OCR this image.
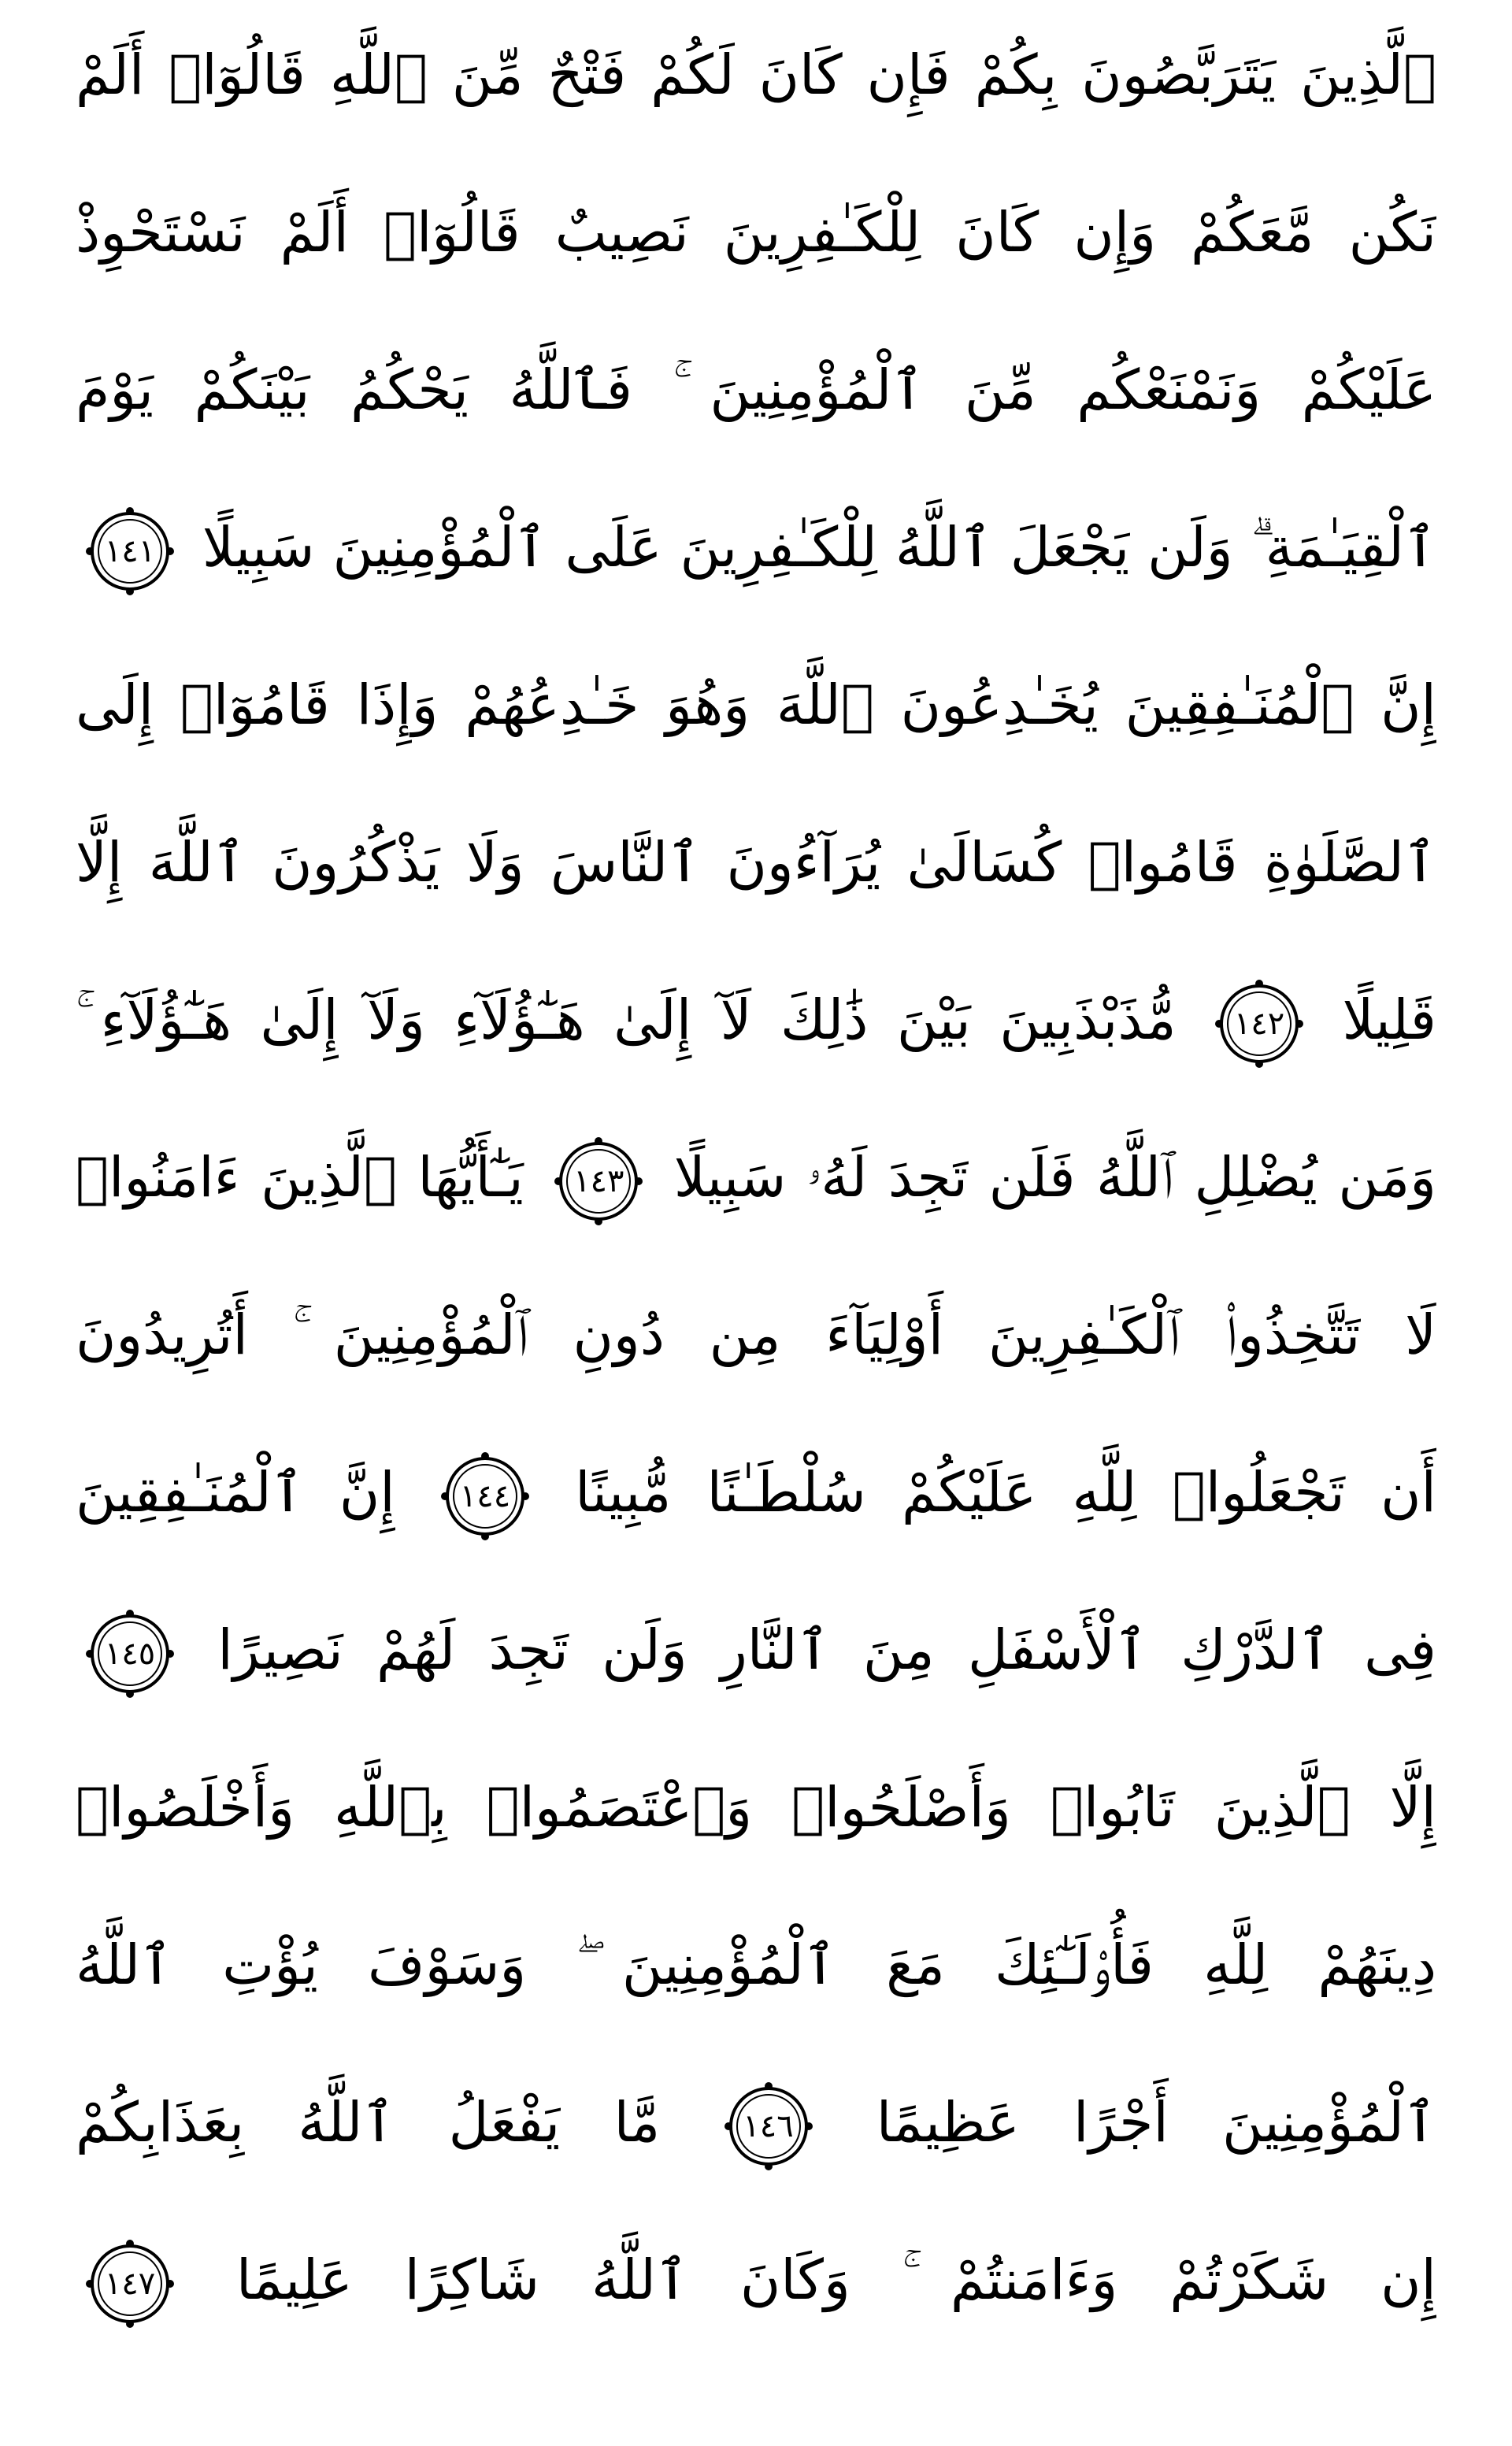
ٱلَّذِينَ يَتَرَبَّصُونَ بِكُمْ فَإِن كَانَ لَكُمْ فَتْحٌ مِّنَ ٱللَّهِ قَالُوٓا۟ أَلَمْ
نَكُن مَّعَكُمْ وَإِن كَانَ لِلْكَـٰفِرِينَ نَصِيبٌ قَالُوٓا۟ أَلَمْ نَسْتَحْوِذْ
عَلَيْكُمْ وَنَمْنَعْكُم مِّنَ ٱلْمُؤْمِنِينَ ۚ فَٱللَّهُ يَحْكُمُ بَيْنَكُمْ يَوْمَ
ٱلْقِيَـٰمَةِ ۗ وَلَن يَجْعَلَ ٱللَّهُ لِلْكَـٰفِرِينَ عَلَى ٱلْمُؤْمِنِينَ سَبِيلًا
١٤١
إِنَّ ٱلْمُنَـٰفِقِينَ يُخَـٰدِعُونَ ٱللَّهَ وَهُوَ خَـٰدِعُهُمْ وَإِذَا قَامُوٓا۟ إِلَى
ٱلصَّلَوٰةِ قَامُوا۟ كُسَالَىٰ يُرَآءُونَ ٱلنَّاسَ وَلَا يَذْكُرُونَ ٱللَّهَ إِلَّا
قَلِيلًا
١٤٢
مُّذَبْذَبِينَ بَيْنَ ذَٰلِكَ لَآ إِلَىٰ هَـٰٓؤُلَآءِ وَلَآ إِلَىٰ هَـٰٓؤُلَآءِ ۚ
وَمَن يُضْلِلِ ٱللَّهُ فَلَن تَجِدَ لَهُۥ سَبِيلًا
١٤٣
يَـٰٓأَيُّهَا ٱلَّذِينَ ءَامَنُوا۟
لَا تَتَّخِذُوا۟ ٱلْكَـٰفِرِينَ أَوْلِيَآءَ مِن دُونِ ٱلْمُؤْمِنِينَ ۚ أَتُرِيدُونَ
أَن تَجْعَلُوا۟ لِلَّهِ عَلَيْكُمْ سُلْطَـٰنًا مُّبِينًا
١٤٤
إِنَّ ٱلْمُنَـٰفِقِينَ
فِى ٱلدَّرْكِ ٱلْأَسْفَلِ مِنَ ٱلنَّارِ وَلَن تَجِدَ لَهُمْ نَصِيرًا
١٤٥
إِلَّا ٱلَّذِينَ تَابُوا۟ وَأَصْلَحُوا۟ وَٱعْتَصَمُوا۟ بِٱللَّهِ وَأَخْلَصُوا۟
دِينَهُمْ لِلَّهِ فَأُو۟لَـٰٓئِكَ مَعَ ٱلْمُؤْمِنِينَ ۖ وَسَوْفَ يُؤْتِ ٱللَّهُ
ٱلْمُؤْمِنِينَ أَجْرًا عَظِيمًا
١٤٦
مَّا يَفْعَلُ ٱللَّهُ بِعَذَابِكُمْ
إِن شَكَرْتُمْ وَءَامَنتُمْ ۚ وَكَانَ ٱللَّهُ شَاكِرًا عَلِيمًا
١٤٧
